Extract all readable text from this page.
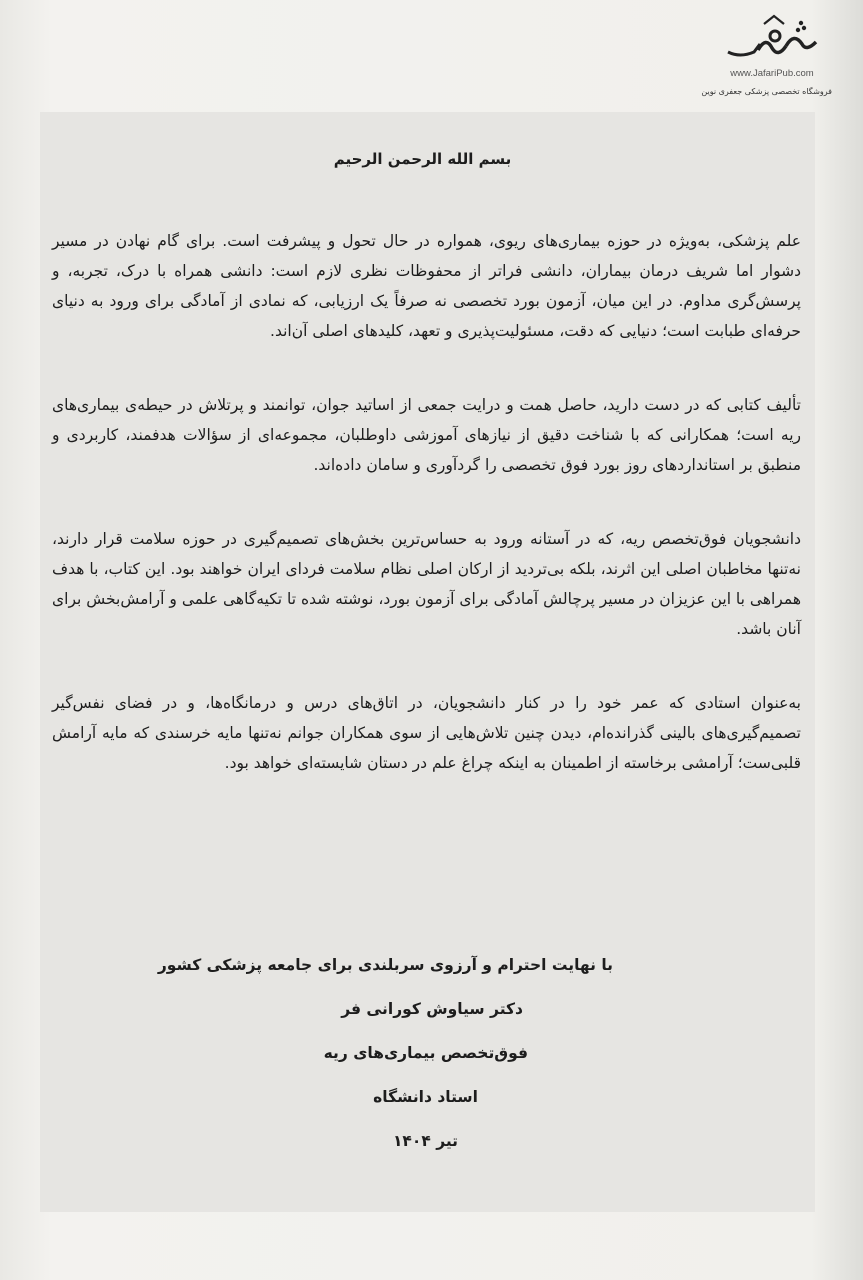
www.JafariPub.com
فروشگاه تخصصی پزشکی جعفری نوین
بسم الله الرحمن الرحیم

علم پزشکی، به‌ویژه در حوزه بیماری‌های ریوی، همواره در حال تحول و پیشرفت است. برای گام نهادن در مسیر دشوار اما شریف درمان بیماران، دانشی فراتر از محفوظات نظری لازم است: دانشی همراه با درک، تجربه، و پرسش‌گری مداوم. در این میان، آزمون بورد تخصصی نه صرفاً یک ارزیابی، که نمادی از آمادگی برای ورود به دنیای حرفه‌ای طبابت است؛ دنیایی که دقت، مسئولیت‌پذیری و تعهد، کلیدهای اصلی آن‌اند.

تألیف کتابی که در دست دارید، حاصل همت و درایت جمعی از اساتید جوان، توانمند و پرتلاش در حیطه‌ی بیماری‌های ریه است؛ همکارانی که با شناخت دقیق از نیازهای آموزشی داوطلبان، مجموعه‌ای از سؤالات هدفمند، کاربردی و منطبق بر استانداردهای روز بورد فوق تخصصی را گردآوری و سامان داده‌اند.

دانشجویان فوق‌تخصص ریه، که در آستانه ورود به حساس‌ترین بخش‌های تصمیم‌گیری در حوزه سلامت قرار دارند، نه‌تنها مخاطبان اصلی این اثرند، بلکه بی‌تردید از ارکان اصلی نظام سلامت فردای ایران خواهند بود. این کتاب، با هدف همراهی با این عزیزان در مسیر پرچالش آمادگی برای آزمون بورد، نوشته شده تا تکیه‌گاهی علمی و آرامش‌بخش برای آنان باشد.

به‌عنوان استادی که عمر خود را در کنار دانشجویان، در اتاق‌های درس و درمانگاه‌ها، و در فضای نفس‌گیر تصمیم‌گیری‌های بالینی گذرانده‌ام، دیدن چنین تلاش‌هایی از سوی همکاران جوانم نه‌تنها مایه خرسندی که مایه آرامش قلبی‌ست؛ آرامشی برخاسته از اطمینان به اینکه چراغ علم در دستان شایسته‌ای خواهد بود.

با نهایت احترام و آرزوی سربلندی برای جامعه پزشکی کشور
دکتر سیاوش کورانی فر
فوق‌تخصص بیماری‌های ریه
استاد دانشگاه
تیر ۱۴۰۴
